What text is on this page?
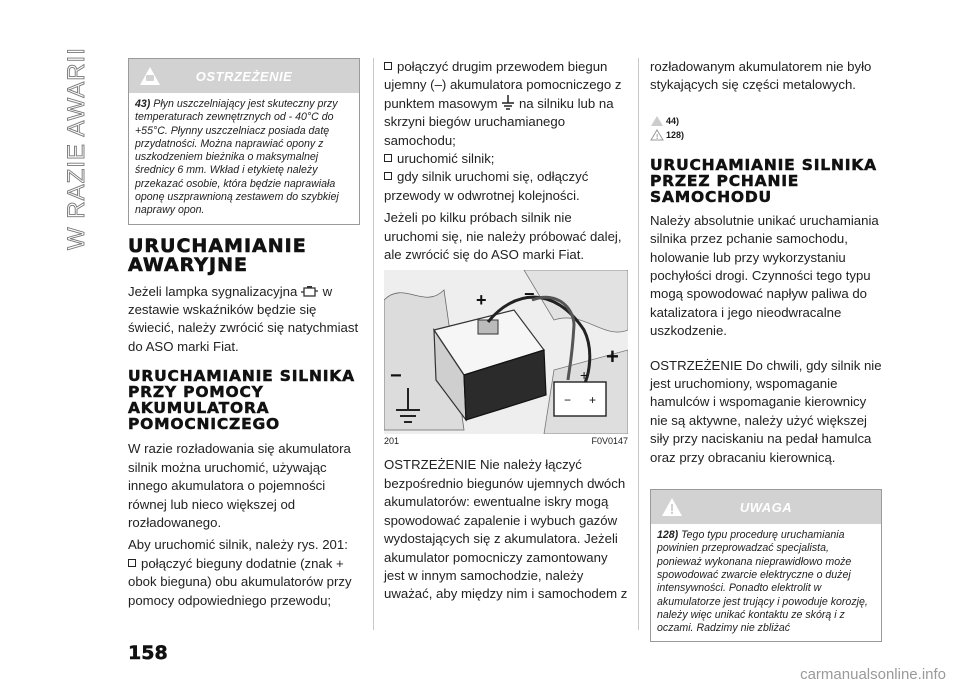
W RAZIE AWARII	OSTRZEŻENIE
43) Płyn uszczelniający jest skuteczny przy temperaturach zewnętrznych od - 40°C do +55°C. Płynny uszczelniacz posiada datę przydatności. Można naprawiać opony z uszkodzeniem bieżnika o maksymalnej średnicy 6 mm. Wkład i etykietę należy przekazać osobie, która będzie naprawiała oponę uszprawnioną zestawem do szybkiej naprawy opon.
URUCHAMIANIE AWARYJNE

Jeżeli lampka sygnalizacyjna w zestawie wskaźników będzie się świecić, należy zwrócić się natychmiast do ASO marki Fiat.

URUCHAMIANIE SILNIKA PRZY POMOCY AKUMULATORA POMOCNICZEGO

W razie rozładowania się akumulatora silnik można uruchomić, używając innego akumulatora o pojemności równej lub nieco większej od rozładowanego.

Aby uruchomić silnik, należy rys. 201:

połączyć bieguny dodatnie (znak + obok bieguna) obu akumulatorów przy pomocy odpowiedniego przewodu;

połączyć drugim przewodem biegun ujemny (–) akumulatora pomocniczego z punktem masowym na silniku lub na skrzyni biegów uruchamianego samochodu;

uruchomić silnik;

gdy silnik uruchomi się, odłączyć przewody w odwrotnej kolejności.

Jeżeli po kilku próbach silnik nie uruchomi się, nie należy próbować dalej, ale zwrócić się do ASO marki Fiat.

+ −
+
+
− +
−
201	F0V0147

OSTRZEŻENIE Nie należy łączyć bezpośrednio biegunów ujemnych dwóch akumulatorów: ewentualne iskry mogą spowodować zapalenie i wybuch gazów wydostających się z akumulatora. Jeżeli akumulator pomocniczy zamontowany jest w innym samochodzie, należy uważać, aby między nim i samochodem z

rozładowanym akumulatorem nie było stykających się części metalowych.

44)
! 128)
URUCHAMIANIE SILNIKA PRZEZ PCHANIE SAMOCHODU

Należy absolutnie unikać uruchamiania silnika przez pchanie samochodu, holowanie lub przy wykorzystaniu pochyłości drogi. Czynności tego typu mogą spowodować napływ paliwa do katalizatora i jego nieodwracalne uszkodzenie.

OSTRZEŻENIE Do chwili, gdy silnik nie jest uruchomiony, wspomaganie hamulców i wspomaganie kierownicy nie są aktywne, należy użyć większej siły przy naciskaniu na pedał hamulca oraz przy obracaniu kierownicą.

UWAGA
128) Tego typu procedurę uruchamiania powinien przeprowadzać specjalista, ponieważ wykonana nieprawidłowo może spowodować zwarcie elektryczne o dużej intensywności. Ponadto elektrolit w akumulatorze jest trujący i powoduje korozję, należy więc unikać kontaktu ze skórą i z oczami. Radzimy nie zbliżać
158
carmanualsonline.info
